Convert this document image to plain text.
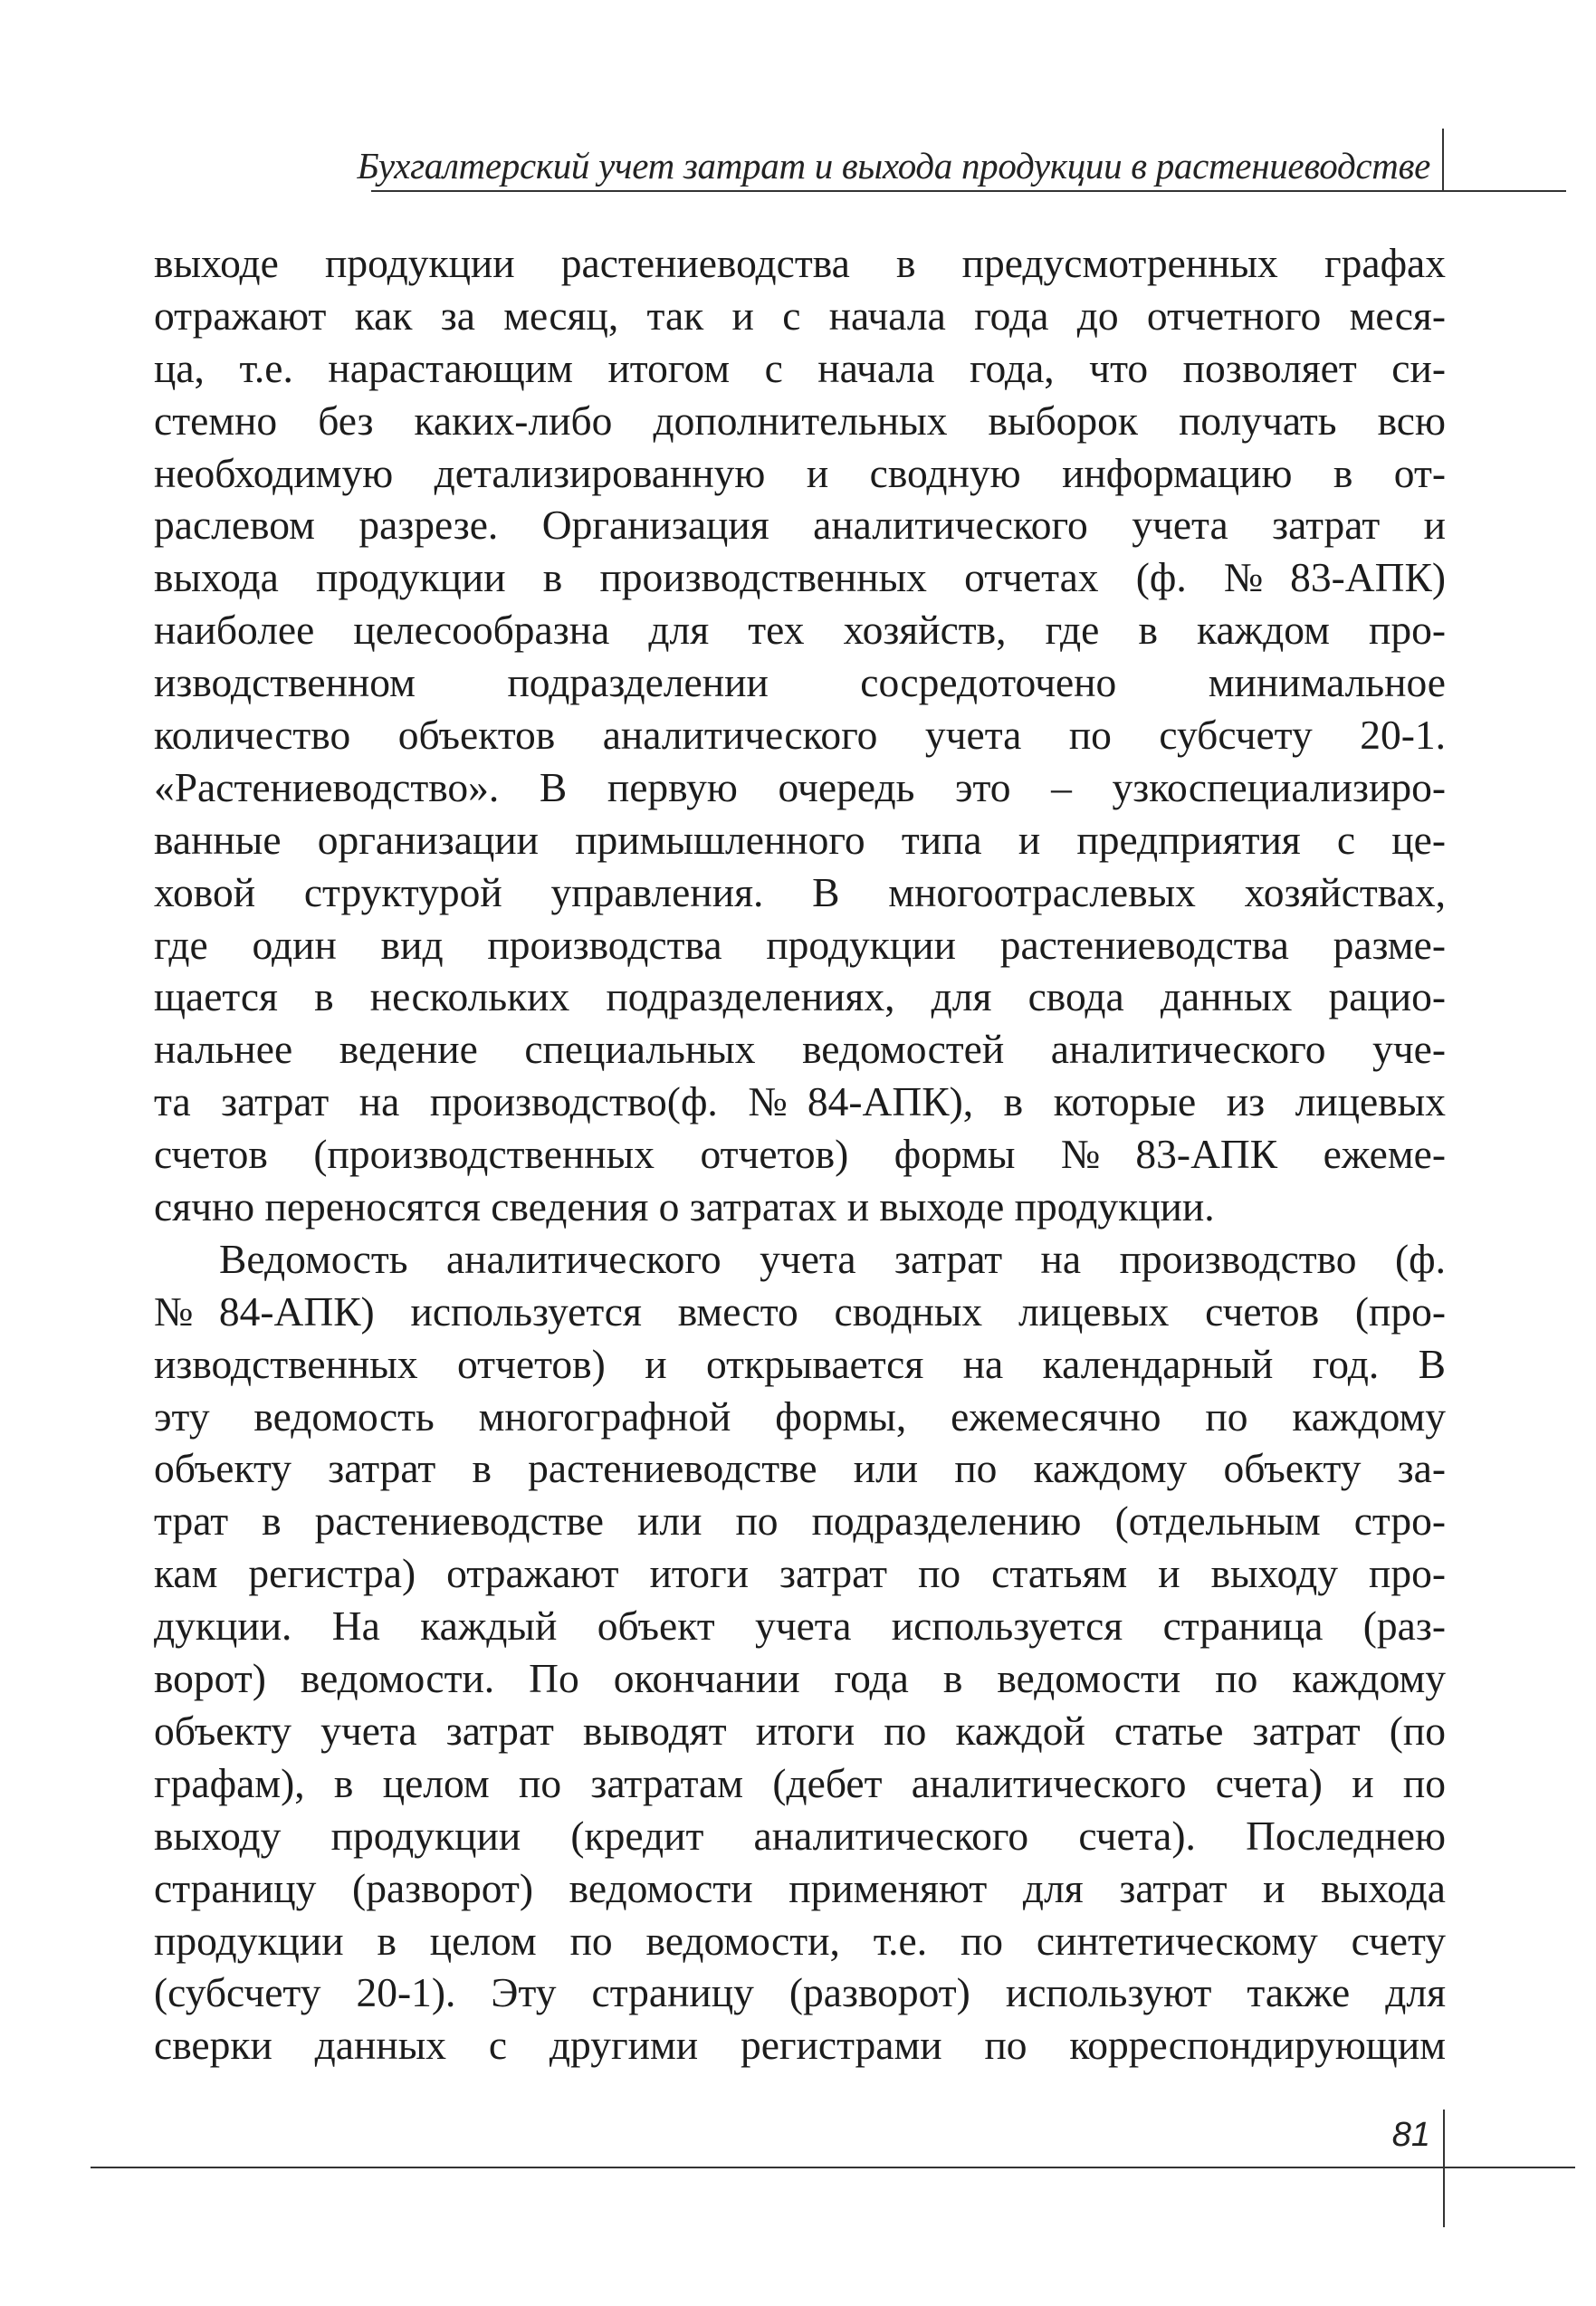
Бухгалтерский учет затрат и выхода продукции в растениеводстве
выходе продукции растениеводства в предусмотренных графах
отражают как за месяц, так и с начала года до отчетного меся-
ца, т.е. нарастающим итогом с начала года, что позволяет си-
стемно без каких-либо дополнительных выборок получать всю
необходимую детализированную и сводную информацию в от-
раслевом разрезе. Организация аналитического учета затрат и
выхода продукции в производственных отчетах (ф. №83-АПК)
наиболее целесообразна для тех хозяйств, где в каждом про-
изводственном подразделении сосредоточено минимальное
количество объектов аналитического учета по субсчету 20-1.
«Растениеводство». В первую очередь это – узкоспециализиро-
ванные организации примышленного типа и предприятия с це-
ховой структурой управления. В многоотраслевых хозяйствах,
где один вид производства продукции растениеводства разме-
щается в нескольких подразделениях, для свода данных рацио-
нальнее ведение специальных ведомостей аналитического уче-
та затрат на производство(ф. №84-АПК), в которые из лицевых
счетов (производственных отчетов) формы №83-АПК ежеме-
сячно переносятся сведения о затратах и выходе продукции.
Ведомость аналитического учета затрат на производство (ф.
№84-АПК) используется вместо сводных лицевых счетов (про-
изводственных отчетов) и открывается на календарный год. В
эту ведомость многографной формы, ежемесячно по каждому
объекту затрат в растениеводстве или по каждому объекту за-
трат в растениеводстве или по подразделению (отдельным стро-
кам регистра) отражают итоги затрат по статьям и выходу про-
дукции. На каждый объект учета используется страница (раз-
ворот) ведомости. По окончании года в ведомости по каждому
объекту учета затрат выводят итоги по каждой статье затрат (по
графам), в целом по затратам (дебет аналитического счета) и по
выходу продукции (кредит аналитического счета). Последнею
страницу (разворот) ведомости применяют для затрат и выхода
продукции в целом по ведомости, т.е. по синтетическому счету
(субсчету 20-1). Эту страницу (разворот) используют также для
сверки данных с другими регистрами по корреспондирующим
81
